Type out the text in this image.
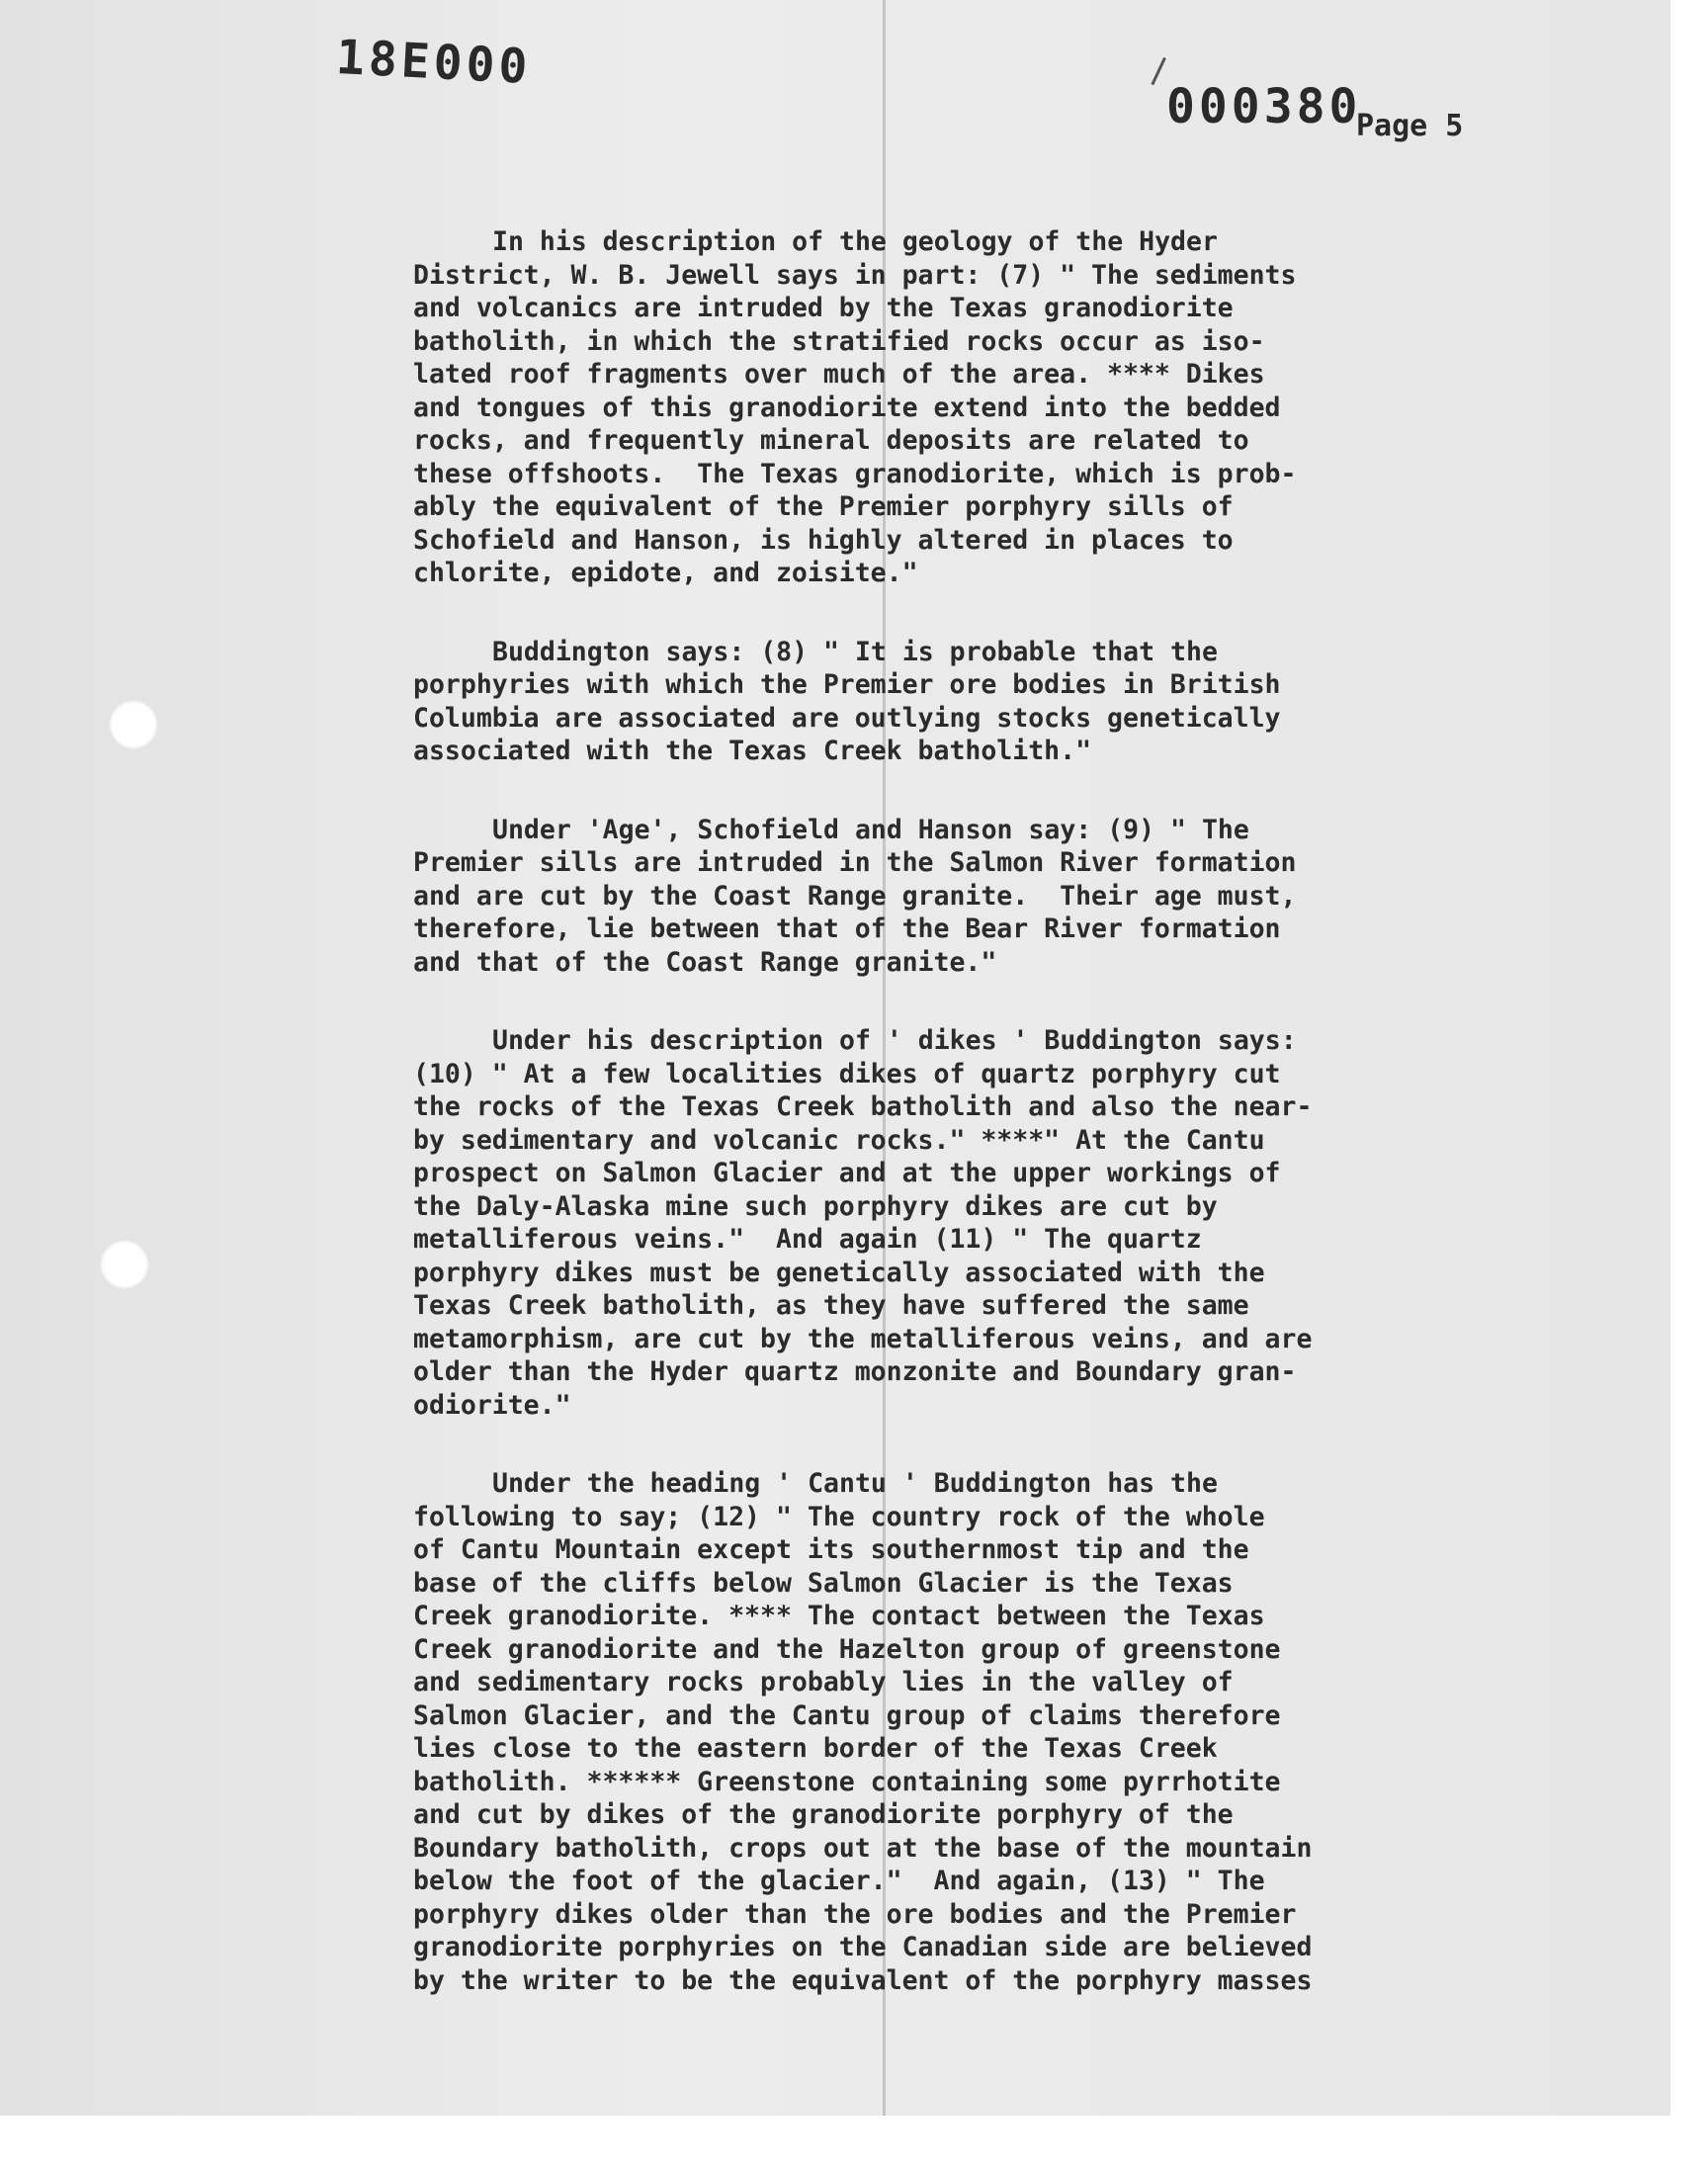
18E000
000380
Page 5
In his description of the geology of the Hyder
District, W. B. Jewell says in part: (7) " The sediments
and volcanics are intruded by the Texas granodiorite
batholith, in which the stratified rocks occur as iso-
lated roof fragments over much of the area. **** Dikes
and tongues of this granodiorite extend into the bedded
rocks, and frequently mineral deposits are related to
these offshoots.  The Texas granodiorite, which is prob-
ably the equivalent of the Premier porphyry sills of
Schofield and Hanson, is highly altered in places to
chlorite, epidote, and zoisite."
Buddington says: (8) " It is probable that the
porphyries with which the Premier ore bodies in British
Columbia are associated are outlying stocks genetically
associated with the Texas Creek batholith."
Under 'Age', Schofield and Hanson say: (9) " The
Premier sills are intruded in the Salmon River formation
and are cut by the Coast Range granite.  Their age must,
therefore, lie between that of the Bear River formation
and that of the Coast Range granite."
Under his description of ' dikes ' Buddington says:
(10) " At a few localities dikes of quartz porphyry cut
the rocks of the Texas Creek batholith and also the near-
by sedimentary and volcanic rocks." ****" At the Cantu
prospect on Salmon Glacier and at the upper workings of
the Daly-Alaska mine such porphyry dikes are cut by
metalliferous veins."  And again (11) " The quartz
porphyry dikes must be genetically associated with the
Texas Creek batholith, as they have suffered the same
metamorphism, are cut by the metalliferous veins, and are
older than the Hyder quartz monzonite and Boundary gran-
odiorite."
Under the heading ' Cantu ' Buddington has the
following to say; (12) " The country rock of the whole
of Cantu Mountain except its southernmost tip and the
base of the cliffs below Salmon Glacier is the Texas
Creek granodiorite. **** The contact between the Texas
Creek granodiorite and the Hazelton group of greenstone
and sedimentary rocks probably lies in the valley of
Salmon Glacier, and the Cantu group of claims therefore
lies close to the eastern border of the Texas Creek
batholith. ****** Greenstone containing some pyrrhotite
and cut by dikes of the granodiorite porphyry of the
Boundary batholith, crops out at the base of the mountain
below the foot of the glacier."  And again, (13) " The
porphyry dikes older than the ore bodies and the Premier
granodiorite porphyries on the Canadian side are believed
by the writer to be the equivalent of the porphyry masses
